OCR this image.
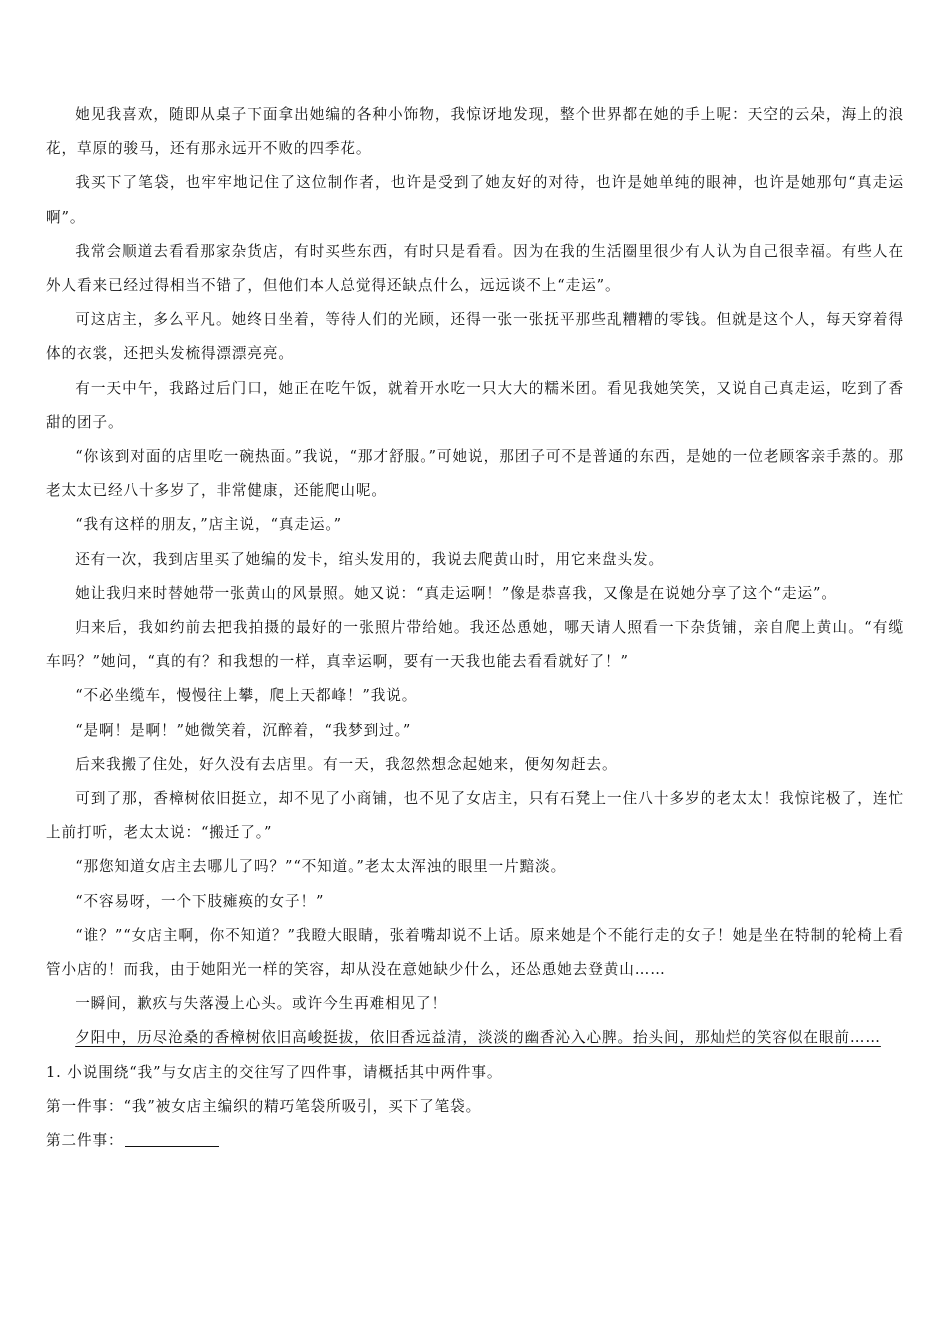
她见我喜欢，随即从桌子下面拿出她编的各种小饰物，我惊讶地发现，整个世界都在她的手上呢：天空的云朵，海上的浪花，草原的骏马，还有那永远开不败的四季花。

我买下了笔袋，也牢牢地记住了这位制作者，也许是受到了她友好的对待，也许是她单纯的眼神，也许是她那句“真走运啊”。

我常会顺道去看看那家杂货店，有时买些东西，有时只是看看。因为在我的生活圈里很少有人认为自己很幸福。有些人在外人看来已经过得相当不错了，但他们本人总觉得还缺点什么，远远谈不上“走运”。

可这店主，多么平凡。她终日坐着，等待人们的光顾，还得一张一张抚平那些乱糟糟的零钱。但就是这个人，每天穿着得体的衣裳，还把头发梳得漂漂亮亮。

有一天中午，我路过后门口，她正在吃午饭，就着开水吃一只大大的糯米团。看见我她笑笑，又说自己真走运，吃到了香甜的团子。

“你该到对面的店里吃一碗热面。”我说，“那才舒服。”可她说，那团子可不是普通的东西，是她的一位老顾客亲手蒸的。那老太太已经八十多岁了，非常健康，还能爬山呢。

“我有这样的朋友，”店主说，“真走运。”

还有一次，我到店里买了她编的发卡，绾头发用的，我说去爬黄山时，用它来盘头发。

她让我归来时替她带一张黄山的风景照。她又说：“真走运啊！”像是恭喜我，又像是在说她分享了这个“走运”。

归来后，我如约前去把我拍摄的最好的一张照片带给她。我还怂恿她，哪天请人照看一下杂货铺，亲自爬上黄山。“有缆车吗？”她问，“真的有？和我想的一样，真幸运啊，要有一天我也能去看看就好了！”

“不必坐缆车，慢慢往上攀，爬上天都峰！”我说。

“是啊！是啊！”她微笑着，沉醉着，“我梦到过。”

后来我搬了住处，好久没有去店里。有一天，我忽然想念起她来，便匆匆赶去。

可到了那，香樟树依旧挺立，却不见了小商铺，也不见了女店主，只有石凳上一住八十多岁的老太太！我惊诧极了，连忙上前打听，老太太说：“搬迁了。”

“那您知道女店主去哪儿了吗？”“不知道。”老太太浑浊的眼里一片黯淡。

“不容易呀，一个下肢瘫痪的女子！”

“谁？”“女店主啊，你不知道？”我瞪大眼睛，张着嘴却说不上话。原来她是个不能行走的女子！她是坐在特制的轮椅上看管小店的！而我，由于她阳光一样的笑容，却从没在意她缺少什么，还怂恿她去登黄山……

一瞬间，歉疚与失落漫上心头。或许今生再难相见了！

夕阳中，历尽沧桑的香樟树依旧高峻挺拔，依旧香远益清，淡淡的幽香沁入心脾。抬头间，那灿烂的笑容似在眼前……

1. 小说围绕“我”与女店主的交往写了四件事，请概括其中两件事。

第一件事：“我”被女店主编织的精巧笔袋所吸引，买下了笔袋。

第二件事：
